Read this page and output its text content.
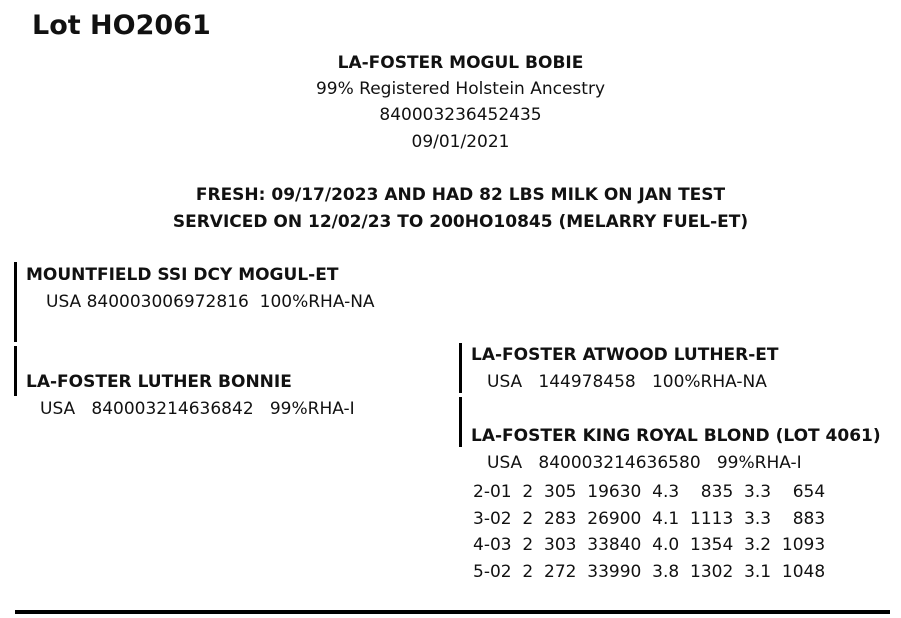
Lot HO2061
LA-FOSTER MOGUL BOBIE
99% Registered Holstein Ancestry
840003236452435
09/01/2021
FRESH: 09/17/2023 AND HAD 82 LBS MILK ON JAN TEST
SERVICED ON 12/02/23 TO 200HO10845 (MELARRY FUEL-ET)
MOUNTFIELD SSI DCY MOGUL-ET
USA 840003006972816  100%RHA-NA
LA-FOSTER LUTHER BONNIE
USA   840003214636842   99%RHA-I
LA-FOSTER ATWOOD LUTHER-ET
USA   144978458   100%RHA-NA
LA-FOSTER KING ROYAL BLOND (LOT 4061)
USA   840003214636580   99%RHA-I
2-01  2  305  19630  4.3    835  3.3    654
3-02  2  283  26900  4.1  1113  3.3    883
4-03  2  303  33840  4.0  1354  3.2  1093
5-02  2  272  33990  3.8  1302  3.1  1048
